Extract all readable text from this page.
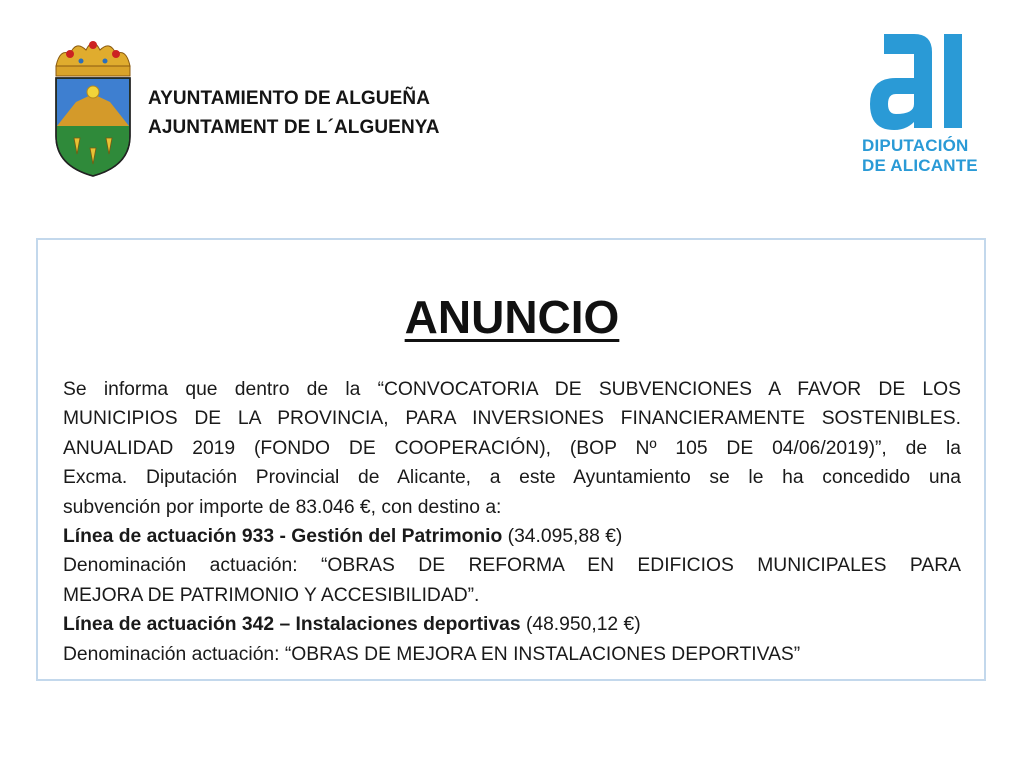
AYUNTAMIENTO DE ALGUEÑA
AJUNTAMENT DE L´ALGUENYA
DIPUTACIÓN
DE ALICANTE
ANUNCIO
Se informa que dentro de la “CONVOCATORIA DE SUBVENCIONES A FAVOR DE LOS
MUNICIPIOS DE LA PROVINCIA, PARA INVERSIONES FINANCIERAMENTE SOSTENIBLES.
ANUALIDAD 2019 (FONDO DE COOPERACIÓN), (BOP Nº 105 DE 04/06/2019)”, de la
Excma. Diputación Provincial de Alicante, a este Ayuntamiento se le ha concedido una
subvención por importe de 83.046 €, con destino a:
Línea de actuación 933 - Gestión del Patrimonio (34.095,88 €)
Denominación actuación: “OBRAS DE REFORMA EN EDIFICIOS MUNICIPALES PARA
MEJORA DE PATRIMONIO Y ACCESIBILIDAD”.
Línea de actuación 342 – Instalaciones deportivas (48.950,12 €)
Denominación actuación: “OBRAS DE MEJORA EN INSTALACIONES DEPORTIVAS”
